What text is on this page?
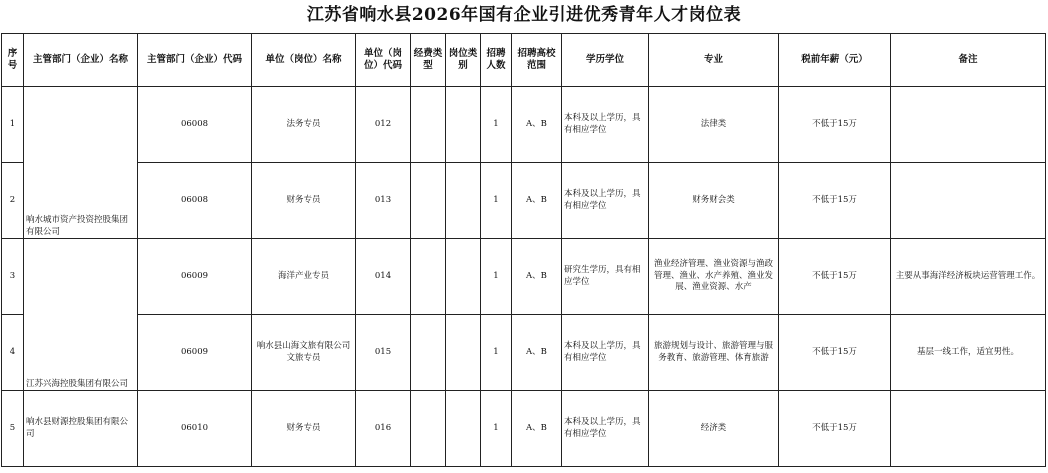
江苏省响水县2026年国有企业引进优秀青年人才岗位表
序号	主管部门（企业）名称	主管部门（企业）代码	单位（岗位）名称	单位（岗位）代码	经费类型	岗位类别	招聘人数	招聘高校范围	学历学位	专业	税前年薪（元）	备注
1	响水城市资产投资控股集团有限公司	06008	法务专员	012			1	A、B	本科及以上学历，具有相应学位	法律类	不低于15万	
2		06008	财务专员	013			1	A、B	本科及以上学历，具有相应学位	财务财会类	不低于15万	
3	江苏兴海控股集团有限公司	06009	海洋产业专员	014			1	A、B	研究生学历，具有相应学位	渔业经济管理、渔业资源与渔政管理、渔业、水产养殖、渔业发展、渔业资源、水产	不低于15万	主要从事海洋经济板块运营管理工作。
4		06009	响水县山海文旅有限公司文旅专员	015			1	A、B	本科及以上学历，具有相应学位	旅游规划与设计、旅游管理与服务教育、旅游管理、体育旅游	不低于15万	基层一线工作，适宜男性。
5	响水县财源控股集团有限公司	06010	财务专员	016			1	A、B	本科及以上学历，具有相应学位	经济类	不低于15万	
